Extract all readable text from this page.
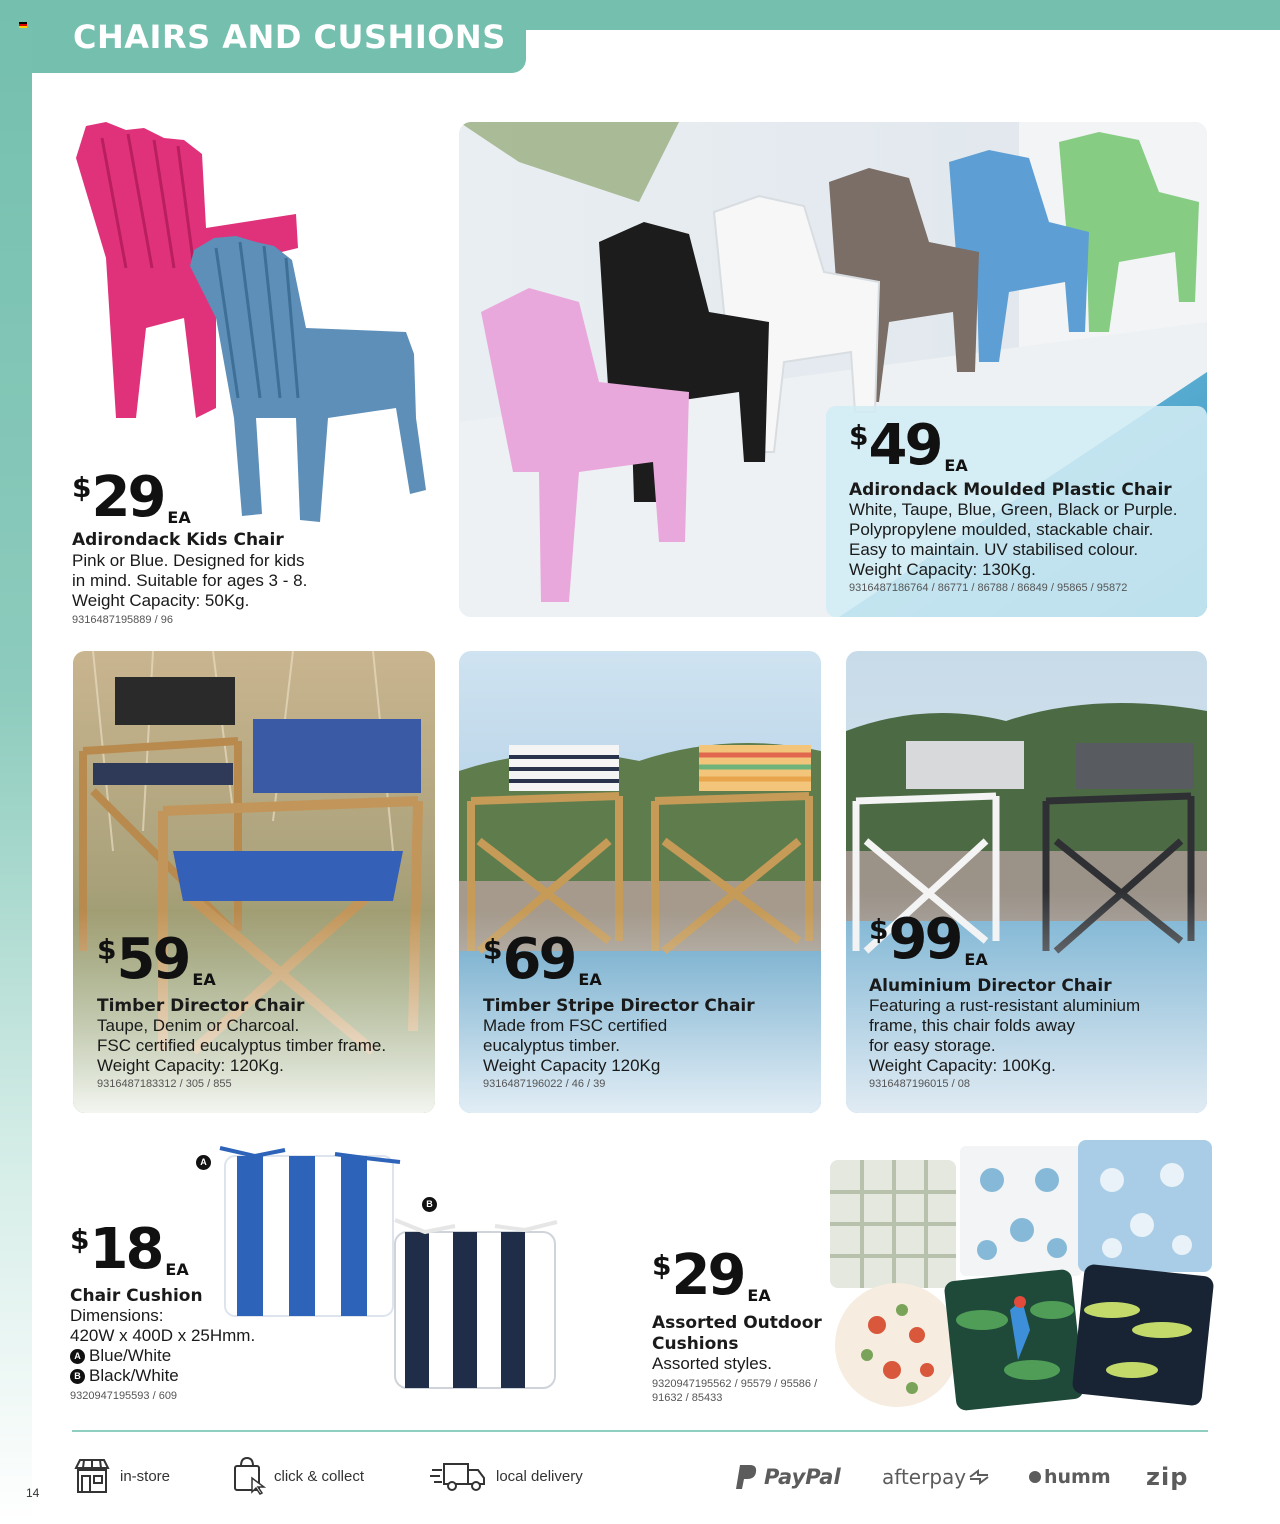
CHAIRS AND CUSHIONS
$29 EA
Adirondack Kids Chair
Pink or Blue. Designed for kids
in mind. Suitable for ages 3 - 8.
Weight Capacity: 50Kg.
9316487195889 / 96
$49 EA
Adirondack Moulded Plastic Chair
White, Taupe, Blue, Green, Black or Purple.
Polypropylene moulded, stackable chair.
Easy to maintain. UV stabilised colour.
Weight Capacity: 130Kg.
9316487186764 / 86771 / 86788 / 86849 / 95865 / 95872
$59 EA
Timber Director Chair
Taupe, Denim or Charcoal.
FSC certified eucalyptus timber frame.
Weight Capacity: 120Kg.
9316487183312 / 305 / 855
$69 EA
Timber Stripe Director Chair
Made from FSC certified
eucalyptus timber.
Weight Capacity 120Kg
9316487196022 / 46 / 39
$99 EA
Aluminium Director Chair
Featuring a rust-resistant aluminium
frame, this chair folds away
for easy storage.
Weight Capacity: 100Kg.
9316487196015 / 08
A
B
$18 EA
Chair Cushion
Dimensions:
420W x 400D x 25Hmm.
A Blue/White
B Black/White
9320947195593 / 609
$29 EA
Assorted Outdoor
Cushions
Assorted styles.
9320947195562 / 95579 / 95586 /
91632 / 85433
in-store	click & collect	local delivery	PayPal afterpay	humm zip
14
